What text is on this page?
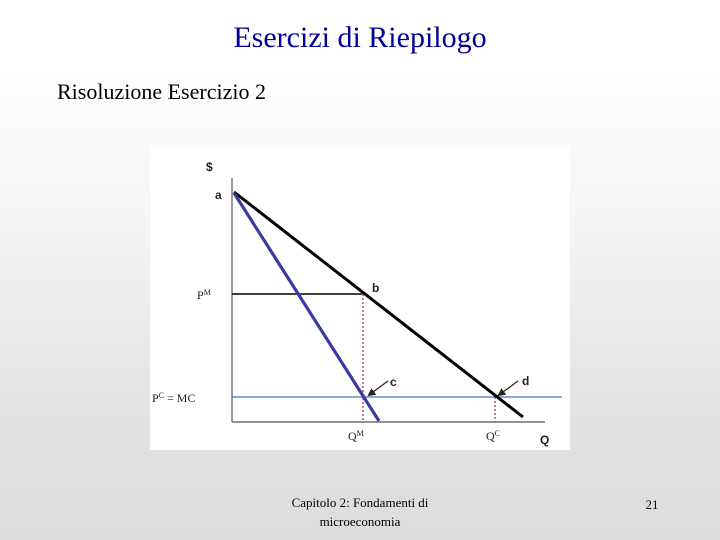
Esercizi di Riepilogo
Risoluzione Esercizio 2
$
Q
a
b
c	d
$P^M$
$P^C$ = MC
$Q^M$	$Q^C$
Capitolo 2: Fondamenti di
microeconomia
21
